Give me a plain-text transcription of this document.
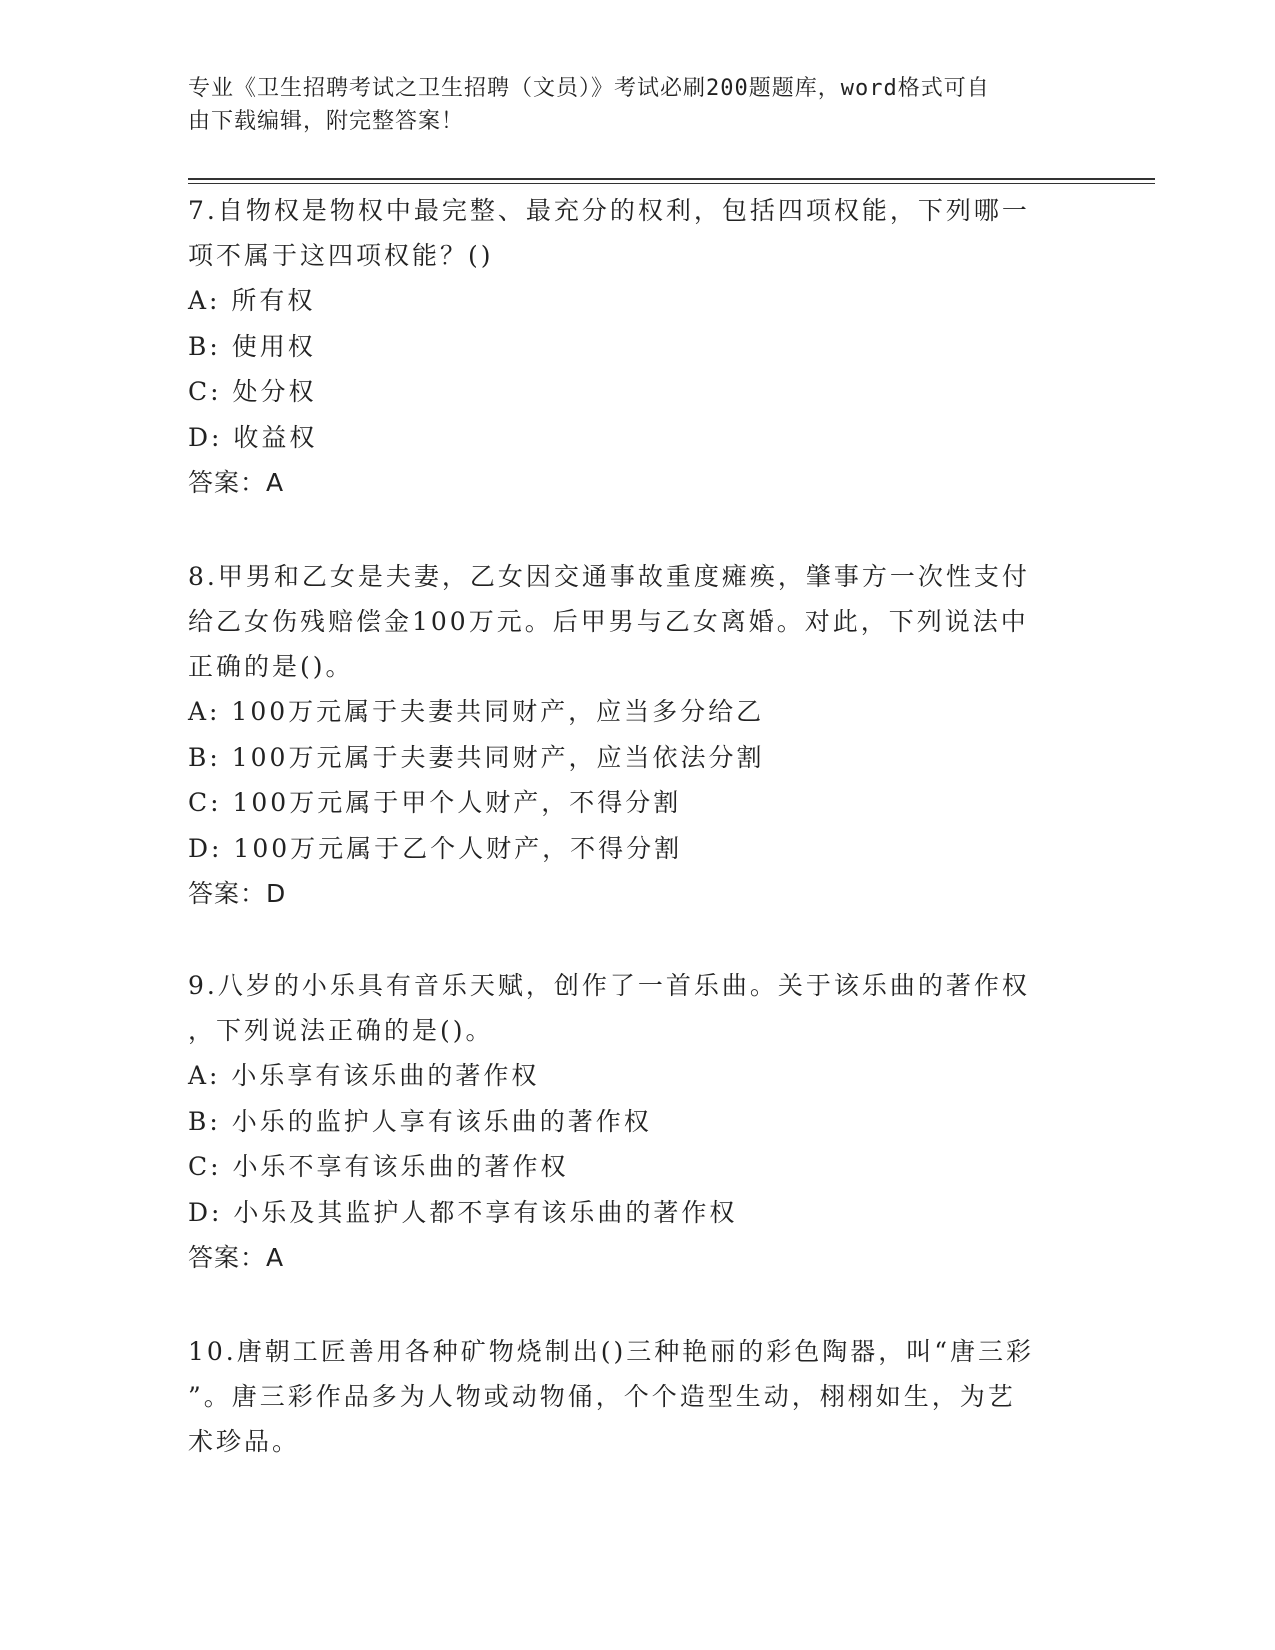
专业《卫生招聘考试之卫生招聘（文员）》考试必刷200题题库，word格式可自
由下载编辑，附完整答案！

7.自物权是物权中最完整、最充分的权利，包括四项权能，下列哪一

项不属于这四项权能？()

A: 所有权

B: 使用权

C: 处分权

D: 收益权

答案：A

8.甲男和乙女是夫妻，乙女因交通事故重度瘫痪，肇事方一次性支付

给乙女伤残赔偿金100万元。后甲男与乙女离婚。对此，下列说法中

正确的是()。

A: 100万元属于夫妻共同财产，应当多分给乙

B: 100万元属于夫妻共同财产，应当依法分割

C: 100万元属于甲个人财产，不得分割

D: 100万元属于乙个人财产，不得分割

答案：D

9.八岁的小乐具有音乐天赋，创作了一首乐曲。关于该乐曲的著作权

，下列说法正确的是()。

A: 小乐享有该乐曲的著作权

B: 小乐的监护人享有该乐曲的著作权

C: 小乐不享有该乐曲的著作权

D: 小乐及其监护人都不享有该乐曲的著作权

答案：A

10.唐朝工匠善用各种矿物烧制出()三种艳丽的彩色陶器，叫“唐三彩

”。唐三彩作品多为人物或动物俑，个个造型生动，栩栩如生，为艺

术珍品。
